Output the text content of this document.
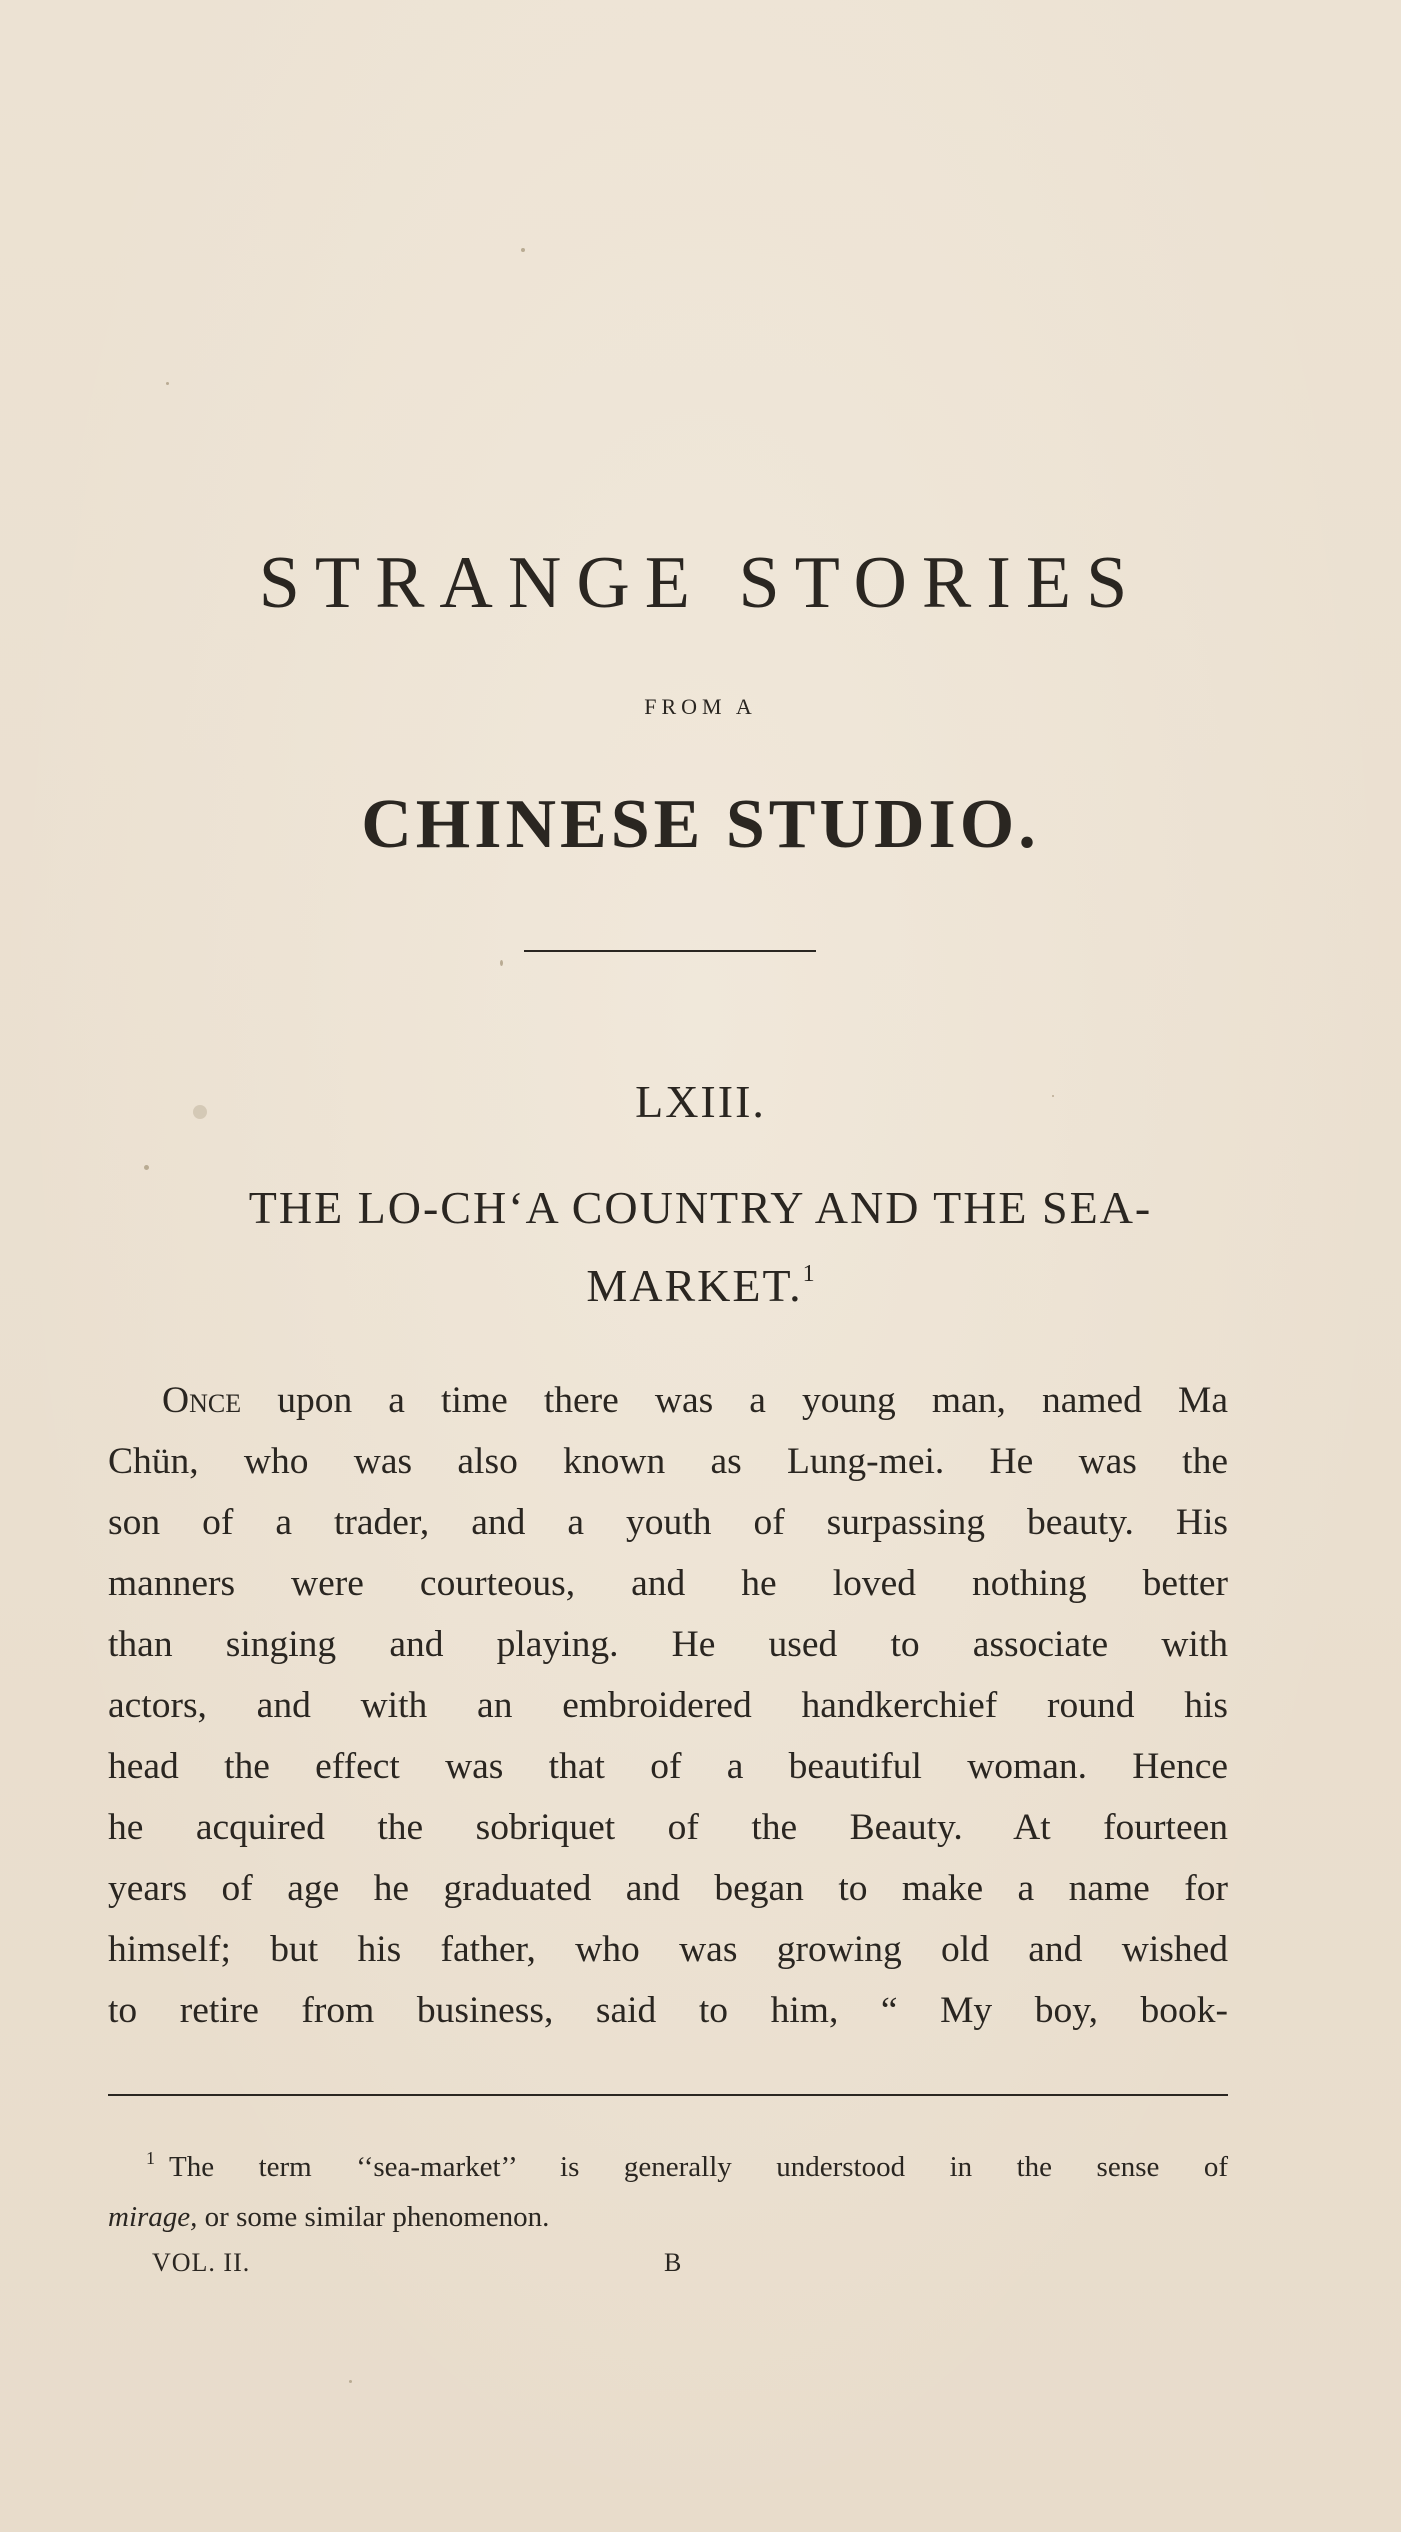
STRANGE STORIES
FROM A
CHINESE STUDIO.
LXIII.
THE LO-CH‘A COUNTRY AND THE SEA-MARKET.$^1$
Once upon a time there was a young man, named Ma
Chün, who was also known as Lung-mei. He was the
son of a trader, and a youth of surpassing beauty. His
manners were courteous, and he loved nothing better
than singing and playing. He used to associate with
actors, and with an embroidered handkerchief round his
head the effect was that of a beautiful woman. Hence
he acquired the sobriquet of the Beauty. At fourteen
years of age he graduated and began to make a name for
himself; but his father, who was growing old and wished
to retire from business, said to him, “ My boy, book-
$^1$ The term ‘‘sea-market’’ is generally understood in the sense of
mirage, or some similar phenomenon.
VOL. II.	B
